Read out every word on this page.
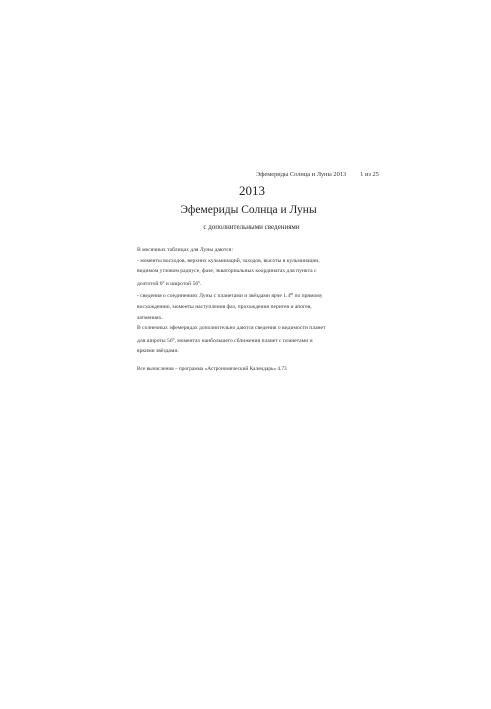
Эфемериды Солнца и Луны 2013 1 из 25
2013
Эфемериды Солнца и Луны
с дополнительными сведениями

В месячных таблицах для Луны даются:

- моменты восходов, верхних кульминаций, заходов, высоты в кульминации,

видимом угловом радиусе, фазе, экваториальных координатах для пункта с

долготой 0$^o$ и широтой 56$^o$.

- сведения о соединениях Луны с планетами и звёздами ярче 1.4$^m$ по прямому

восхождению, моменты наступления фаз, прохождения перигея и апогея,

затмениях.

В солнечных эфемеридах дополнительно даются сведения о видимости планет

для широты 56$^o$, моментах наибольшего сближения планет с планетами и

яркими звёздами.

Все вычисления – программа «Астрономический Календарь» 4.73
